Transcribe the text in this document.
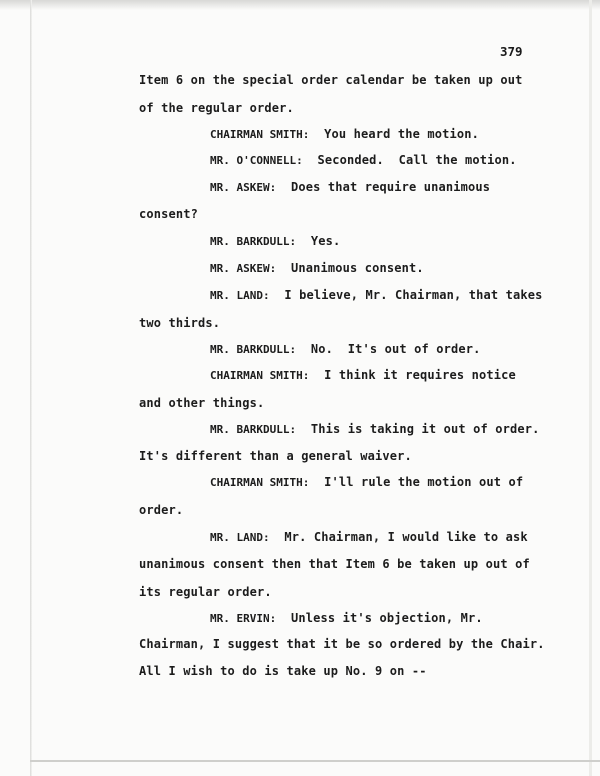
379
Item 6 on the special order calendar be taken up out
of the regular order.
CHAIRMAN SMITH: You heard the motion.
MR. O'CONNELL: Seconded.  Call the motion.
MR. ASKEW: Does that require unanimous
consent?
MR. BARKDULL: Yes.
MR. ASKEW: Unanimous consent.
MR. LAND: I believe, Mr. Chairman, that takes
two thirds.
MR. BARKDULL: No.  It's out of order.
CHAIRMAN SMITH: I think it requires notice
and other things.
MR. BARKDULL: This is taking it out of order.
It's different than a general waiver.
CHAIRMAN SMITH: I'll rule the motion out of
order.
MR. LAND: Mr. Chairman, I would like to ask
unanimous consent then that Item 6 be taken up out of
its regular order.
MR. ERVIN: Unless it's objection, Mr.
Chairman, I suggest that it be so ordered by the Chair.
All I wish to do is take up No. 9 on --
